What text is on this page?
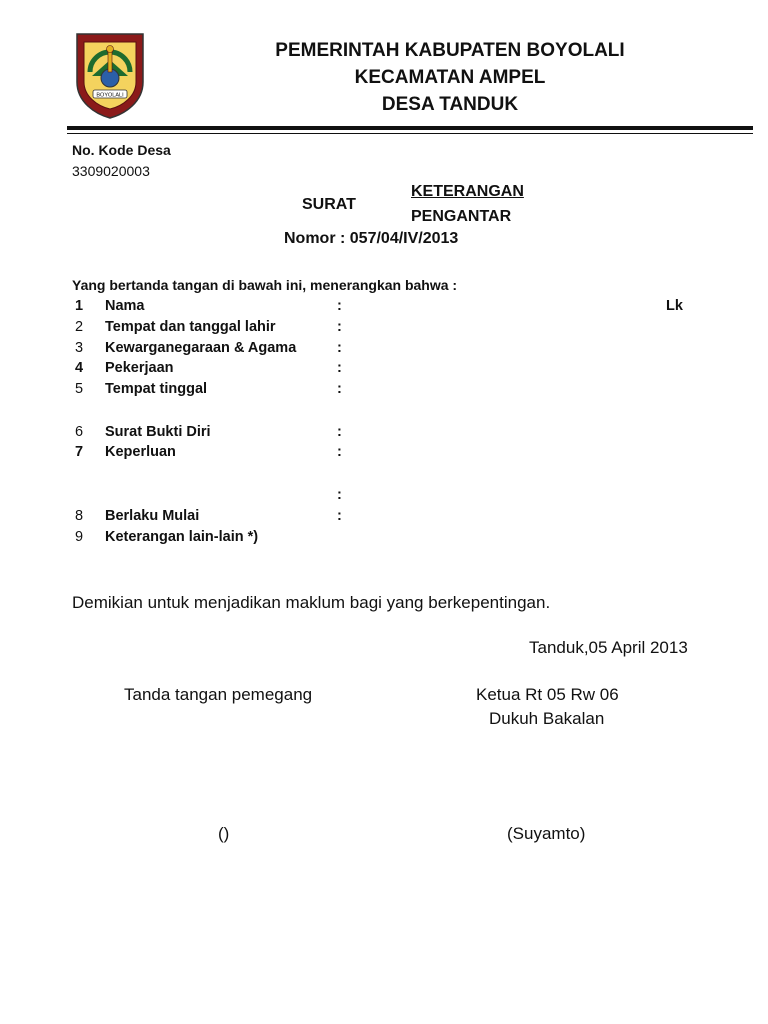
BOYOLALI
PEMERINTAH KABUPATEN BOYOLALI
KECAMATAN AMPEL
DESA TANDUK
No. Kode Desa
3309020003
SURAT
KETERANGAN
PENGANTAR
Nomor : 057/04/IV/2013
Yang bertanda tangan di bawah ini, menerangkan bahwa :
1 Nama	:	Lk
2 Tempat dan tanggal lahir	:
3 Kewarganegaraan & Agama	:
4 Pekerjaan	:
5 Tempat tinggal	:
6 Surat Bukti Diri	:
7 Keperluan	:
:
8 Berlaku Mulai	:
9 Keterangan lain-lain *)
Demikian untuk menjadikan maklum bagi yang berkepentingan.
Tanduk,05 April 2013
Tanda tangan pemegang	Ketua Rt 05 Rw 06
Dukuh Bakalan
()	(Suyamto)
